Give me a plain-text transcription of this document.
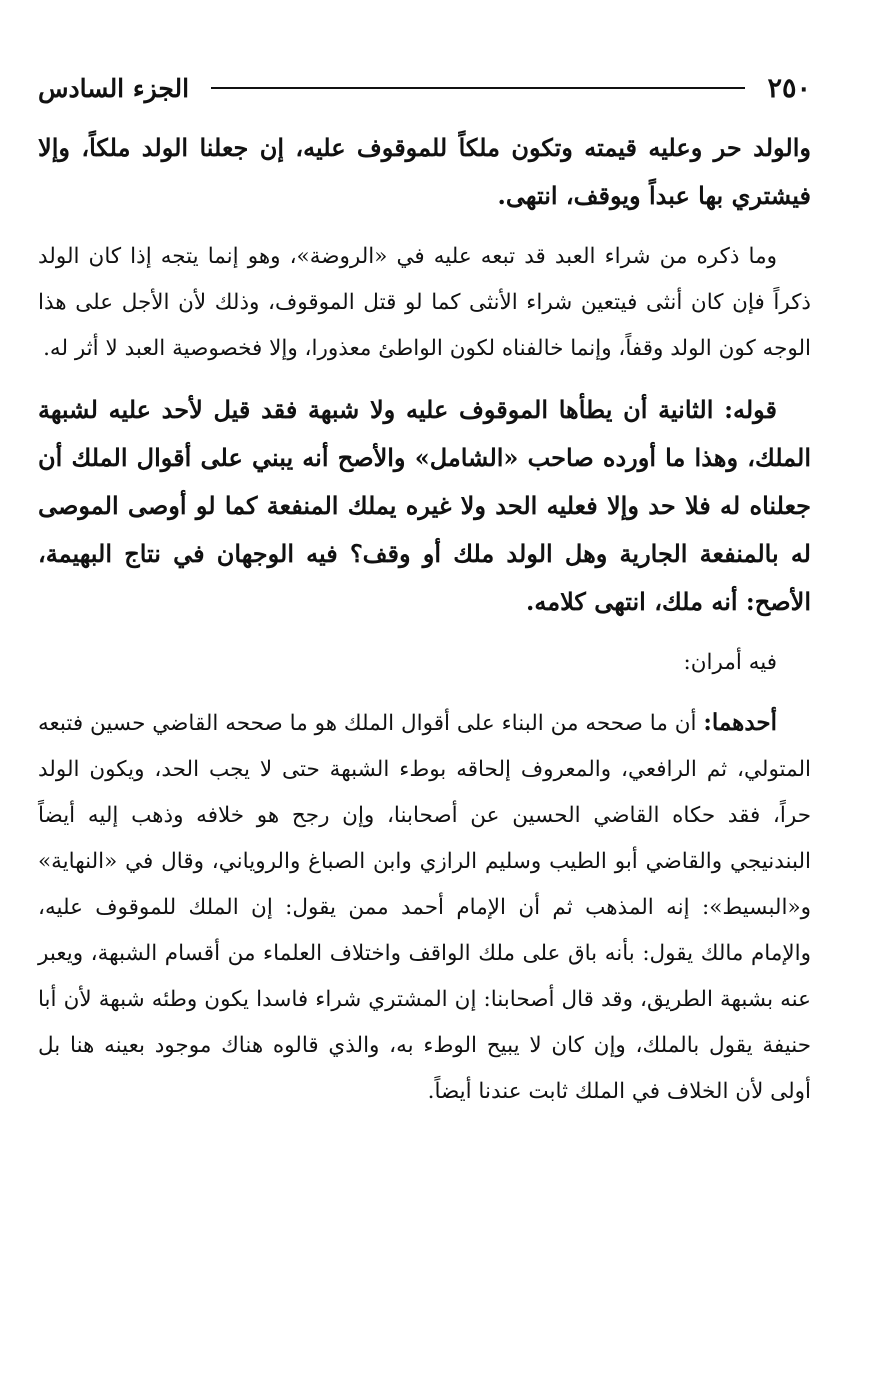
٢٥٠
الجزء السادس

والولد حر وعليه قيمته وتكون ملكاً للموقوف عليه، إن جعلنا الولد ملكاً، وإلا فيشتري بها عبداً ويوقف، انتهى.

وما ذكره من شراء العبد قد تبعه عليه في «الروضة»، وهو إنما يتجه إذا كان الولد ذكراً فإن كان أنثى فيتعين شراء الأنثى كما لو قتل الموقوف، وذلك لأن الأجل على هذا الوجه كون الولد وقفاً، وإنما خالفناه لكون الواطئ معذورا، وإلا فخصوصية العبد لا أثر له.

قوله: الثانية أن يطأها الموقوف عليه ولا شبهة فقد قيل لأحد عليه لشبهة الملك، وهذا ما أورده صاحب «الشامل» والأصح أنه يبني على أقوال الملك أن جعلناه له فلا حد وإلا فعليه الحد ولا غيره يملك المنفعة كما لو أوصى الموصى له بالمنفعة الجارية وهل الولد ملك أو وقف؟ فيه الوجهان في نتاج البهيمة، الأصح: أنه ملك، انتهى كلامه.

فيه أمران:

أحدهما: أن ما صححه من البناء على أقوال الملك هو ما صححه القاضي حسين فتبعه المتولي، ثم الرافعي، والمعروف إلحاقه بوطء الشبهة حتى لا يجب الحد، ويكون الولد حراً، فقد حكاه القاضي الحسين عن أصحابنا، وإن رجح هو خلافه وذهب إليه أيضاً البندنيجي والقاضي أبو الطيب وسليم الرازي وابن الصباغ والروياني، وقال في «النهاية» و«البسيط»: إنه المذهب ثم أن الإمام أحمد ممن يقول: إن الملك للموقوف عليه، والإمام مالك يقول: بأنه باق على ملك الواقف واختلاف العلماء من أقسام الشبهة، ويعبر عنه بشبهة الطريق، وقد قال أصحابنا: إن المشتري شراء فاسدا يكون وطئه شبهة لأن أبا حنيفة يقول بالملك، وإن كان لا يبيح الوطء به، والذي قالوه هناك موجود بعينه هنا بل أولى لأن الخلاف في الملك ثابت عندنا أيضاً.
